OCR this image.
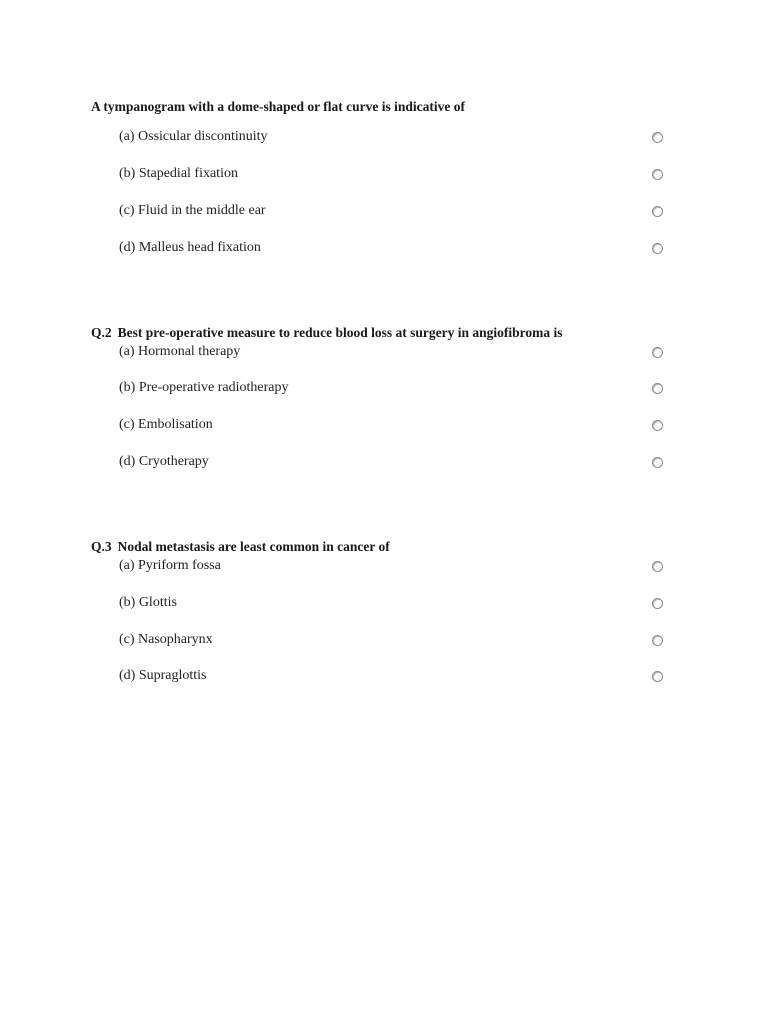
A tympanogram with a dome-shaped or flat curve is indicative of
(a) Ossicular discontinuity
(b) Stapedial fixation
(c) Fluid in the middle ear
(d) Malleus head fixation
Q.2 Best pre-operative measure to reduce blood loss at surgery in angiofibroma is
(a) Hormonal therapy
(b) Pre-operative radiotherapy
(c) Embolisation
(d) Cryotherapy
Q.3 Nodal metastasis are least common in cancer of
(a) Pyriform fossa
(b) Glottis
(c) Nasopharynx
(d) Supraglottis
